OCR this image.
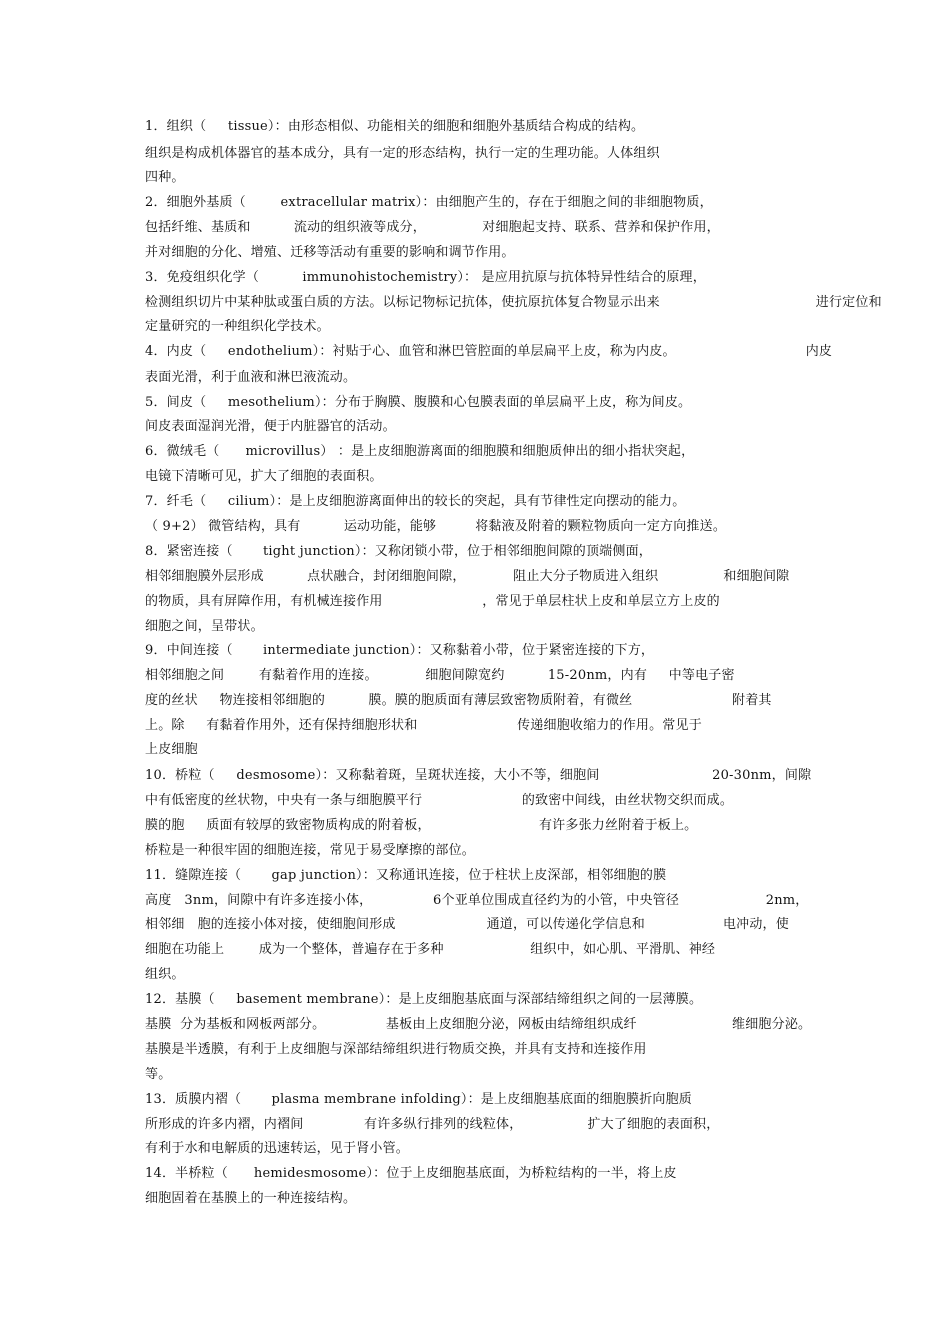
1．组织（     tissue）：由形态相似、功能相关的细胞和细胞外基质结合构成的结构。
组织是构成机体器官的基本成分，具有一定的形态结构，执行一定的生理功能。人体组织
四种。
2．细胞外基质（        extracellular matrix）：由细胞产生的，存在于细胞之间的非细胞物质，
包括纤维、基质和          流动的组织液等成分，             对细胞起支持、联系、营养和保护作用，
并对细胞的分化、增殖、迁移等活动有重要的影响和调节作用。
3．免疫组织化学（          immunohistochemistry）： 是应用抗原与抗体特异性结合的原理，
检测组织切片中某种肽或蛋白质的方法。以标记物标记抗体，使抗原抗体复合物显示出来                                    进行定位和
定量研究的一种组织化学技术。
4．内皮（     endothelium）：衬贴于心、血管和淋巴管腔面的单层扁平上皮，称为内皮。                              内皮
表面光滑，利于血液和淋巴液流动。
5．间皮（     mesothelium）：分布于胸膜、腹膜和心包膜表面的单层扁平上皮，称为间皮。
间皮表面湿润光滑，便于内脏器官的活动。
6．微绒毛（      microvillus） ：是上皮细胞游离面的细胞膜和细胞质伸出的细小指状突起，
电镜下清晰可见，扩大了细胞的表面积。
7．纤毛（     cilium）：是上皮细胞游离面伸出的较长的突起，具有节律性定向摆动的能力。
（ 9+2） 微管结构，具有          运动功能，能够         将黏液及附着的颗粒物质向一定方向推送。
8．紧密连接（       tight junction）：又称闭锁小带，位于相邻细胞间隙的顶端侧面，
相邻细胞膜外层形成          点状融合，封闭细胞间隙，           阻止大分子物质进入组织               和细胞间隙
的物质，具有屏障作用，有机械连接作用                       ，常见于单层柱状上皮和单层立方上皮的
细胞之间，呈带状。
9．中间连接（       intermediate junction）：又称黏着小带，位于紧密连接的下方，
相邻细胞之间        有黏着作用的连接。           细胞间隙宽约          15-20nm，内有     中等电子密
度的丝状     物连接相邻细胞的          膜。膜的胞质面有薄层致密物质附着，有微丝                       附着其
上。除     有黏着作用外，还有保持细胞形状和                       传递细胞收缩力的作用。常见于
上皮细胞
10．桥粒（     desmosome）：又称黏着斑，呈斑状连接，大小不等，细胞间                          20-30nm，间隙
中有低密度的丝状物，中央有一条与细胞膜平行                       的致密中间线，由丝状物交织而成。
膜的胞     质面有较厚的致密物质构成的附着板，                         有许多张力丝附着于板上。
桥粒是一种很牢固的细胞连接，常见于易受摩擦的部位。
11．缝隙连接（       gap junction）：又称通讯连接，位于柱状上皮深部，相邻细胞的膜
高度   3nm，间隙中有许多连接小体，              6个亚单位围成直径约为的小管，中央管径                    2nm，
相邻细   胞的连接小体对接，使细胞间形成                     通道，可以传递化学信息和                  电冲动，使
细胞在功能上        成为一个整体，普遍存在于多种                    组织中，如心肌、平滑肌、神经
组织。
12．基膜（     basement membrane）：是上皮细胞基底面与深部结缔组织之间的一层薄膜。
基膜  分为基板和网板两部分。              基板由上皮细胞分泌，网板由结缔组织成纤                      维细胞分泌。
基膜是半透膜，有利于上皮细胞与深部结缔组织进行物质交换，并具有支持和连接作用
等。
13．质膜内褶（       plasma membrane infolding）：是上皮细胞基底面的细胞膜折向胞质
所形成的许多内褶，内褶间              有许多纵行排列的线粒体，               扩大了细胞的表面积，
有利于水和电解质的迅速转运，见于肾小管。
14．半桥粒（      hemidesmosome）：位于上皮细胞基底面，为桥粒结构的一半，将上皮
细胞固着在基膜上的一种连接结构。
